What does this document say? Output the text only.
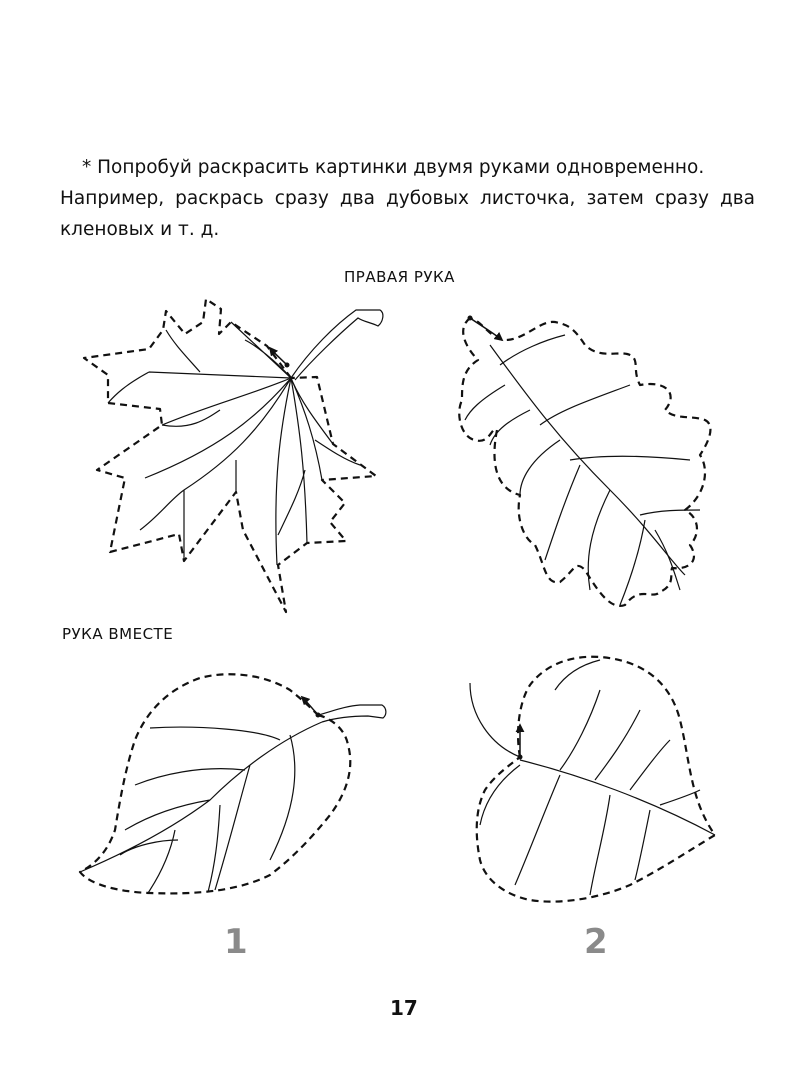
* Попробуй раскрасить картинки двумя руками одновременно.
Например, раскрась сразу два дубовых листочка, затем сразу два кленовых и т. д.
ПРАВАЯ РУКА
РУКА ВМЕСТЕ
1	2
17
